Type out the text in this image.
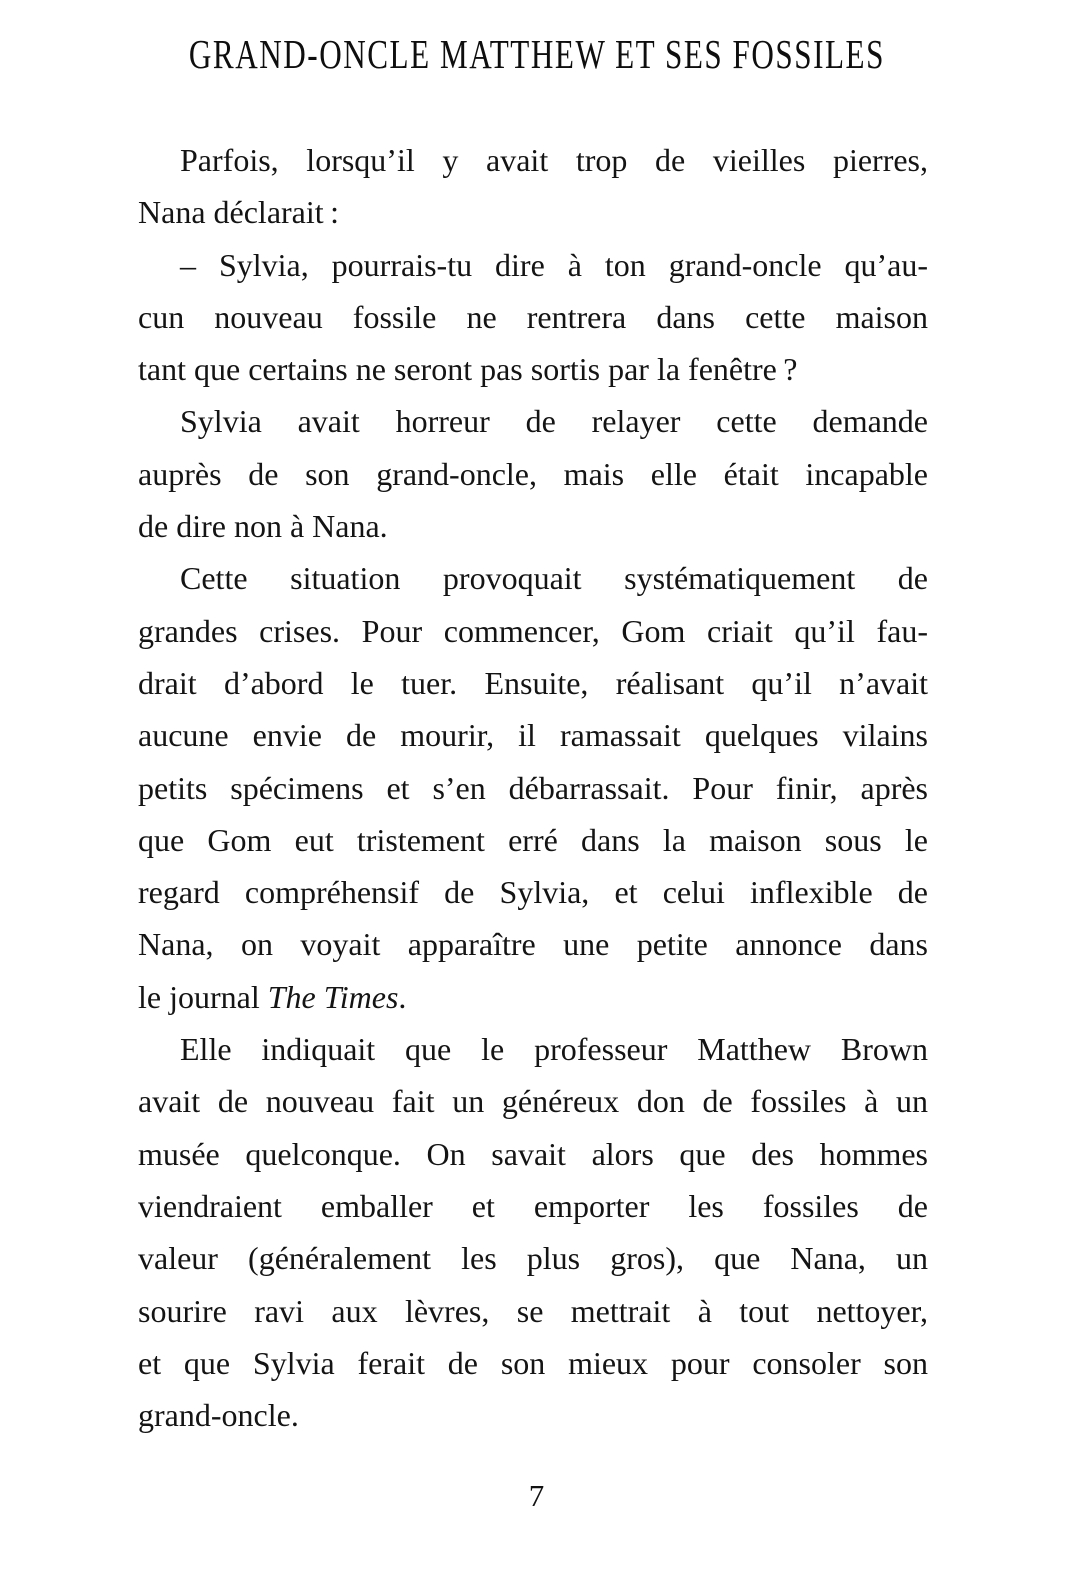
GRAND-ONCLE MATTHEW ET SES FOSSILES
Parfois, lorsqu’il y avait trop de vieilles pierres,
Nana déclarait :
– Sylvia, pourrais-tu dire à ton grand-oncle qu’au-
cun nouveau fossile ne rentrera dans cette maison
tant que certains ne seront pas sortis par la fenêtre ?
Sylvia avait horreur de relayer cette demande
auprès de son grand-oncle, mais elle était incapable
de dire non à Nana.
Cette situation provoquait systématiquement de
grandes crises. Pour commencer, Gom criait qu’il fau-
drait d’abord le tuer. Ensuite, réalisant qu’il n’avait
aucune envie de mourir, il ramassait quelques vilains
petits spécimens et s’en débarrassait. Pour finir, après
que Gom eut tristement erré dans la maison sous le
regard compréhensif de Sylvia, et celui inflexible de
Nana, on voyait apparaître une petite annonce dans
le journal The Times.
Elle indiquait que le professeur Matthew Brown
avait de nouveau fait un généreux don de fossiles à un
musée quelconque. On savait alors que des hommes
viendraient emballer et emporter les fossiles de
valeur (généralement les plus gros), que Nana, un
sourire ravi aux lèvres, se mettrait à tout nettoyer,
et que Sylvia ferait de son mieux pour consoler son
grand-oncle.
7
